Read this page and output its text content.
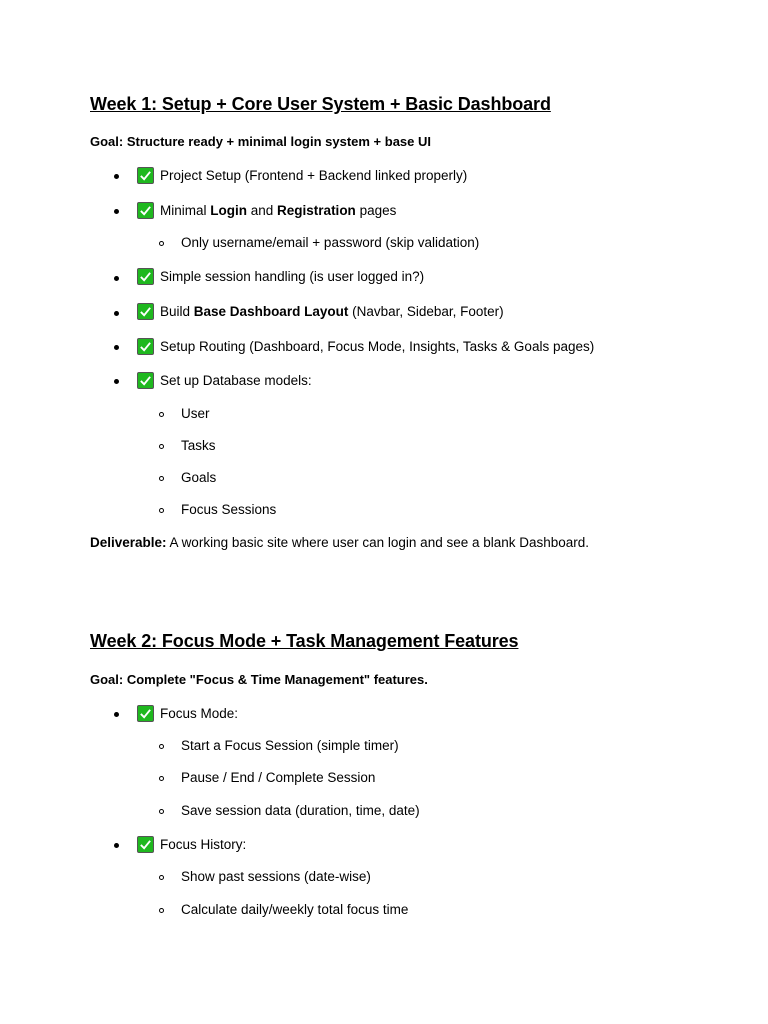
Week 1: Setup + Core User System + Basic Dashboard

Goal: Structure ready + minimal login system + base UI

Project Setup (Frontend + Backend linked properly)
Minimal Login and Registration pages
Only username/email + password (skip validation)
Simple session handling (is user logged in?)
Build Base Dashboard Layout (Navbar, Sidebar, Footer)
Setup Routing (Dashboard, Focus Mode, Insights, Tasks & Goals pages)
Set up Database models:
User
Tasks
Goals
Focus Sessions
Deliverable: A working basic site where user can login and see a blank Dashboard.
Week 2: Focus Mode + Task Management Features

Goal: Complete "Focus & Time Management" features.

Focus Mode:
Start a Focus Session (simple timer)
Pause / End / Complete Session
Save session data (duration, time, date)
Focus History:
Show past sessions (date-wise)
Calculate daily/weekly total focus time
